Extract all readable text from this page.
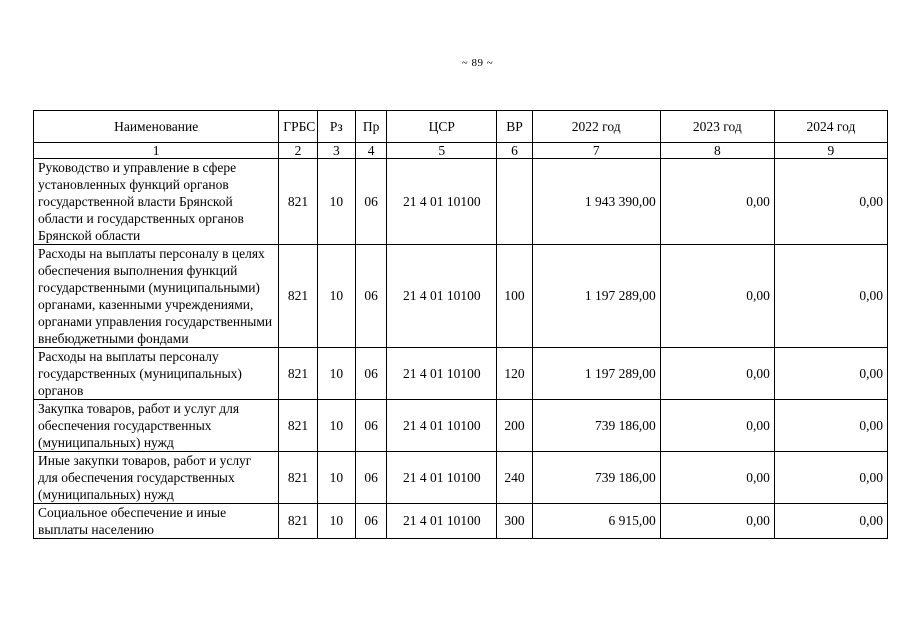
~ 89 ~
Наименование	ГРБС	Рз	Пр	ЦСР	ВР	2022 год	2023 год	2024 год
1	2	3	4	5	6	7	8	9
Руководство и управление в сфере установленных функций органов государственной власти Брянской области и государственных органов Брянской области	821	10	06	21 4 01 10100		1 943 390,00	0,00	0,00
Расходы на выплаты персоналу в целях обеспечения выполнения функций государственными (муниципальными) органами, казенными учреждениями, органами управления государственными внебюджетными фондами	821	10	06	21 4 01 10100	100	1 197 289,00	0,00	0,00
Расходы на выплаты персоналу государственных (муниципальных) органов	821	10	06	21 4 01 10100	120	1 197 289,00	0,00	0,00
Закупка товаров, работ и услуг для обеспечения государственных (муниципальных) нужд	821	10	06	21 4 01 10100	200	739 186,00	0,00	0,00
Иные закупки товаров, работ и услуг для обеспечения государственных (муниципальных) нужд	821	10	06	21 4 01 10100	240	739 186,00	0,00	0,00
Социальное обеспечение и иные выплаты населению	821	10	06	21 4 01 10100	300	6 915,00	0,00	0,00
